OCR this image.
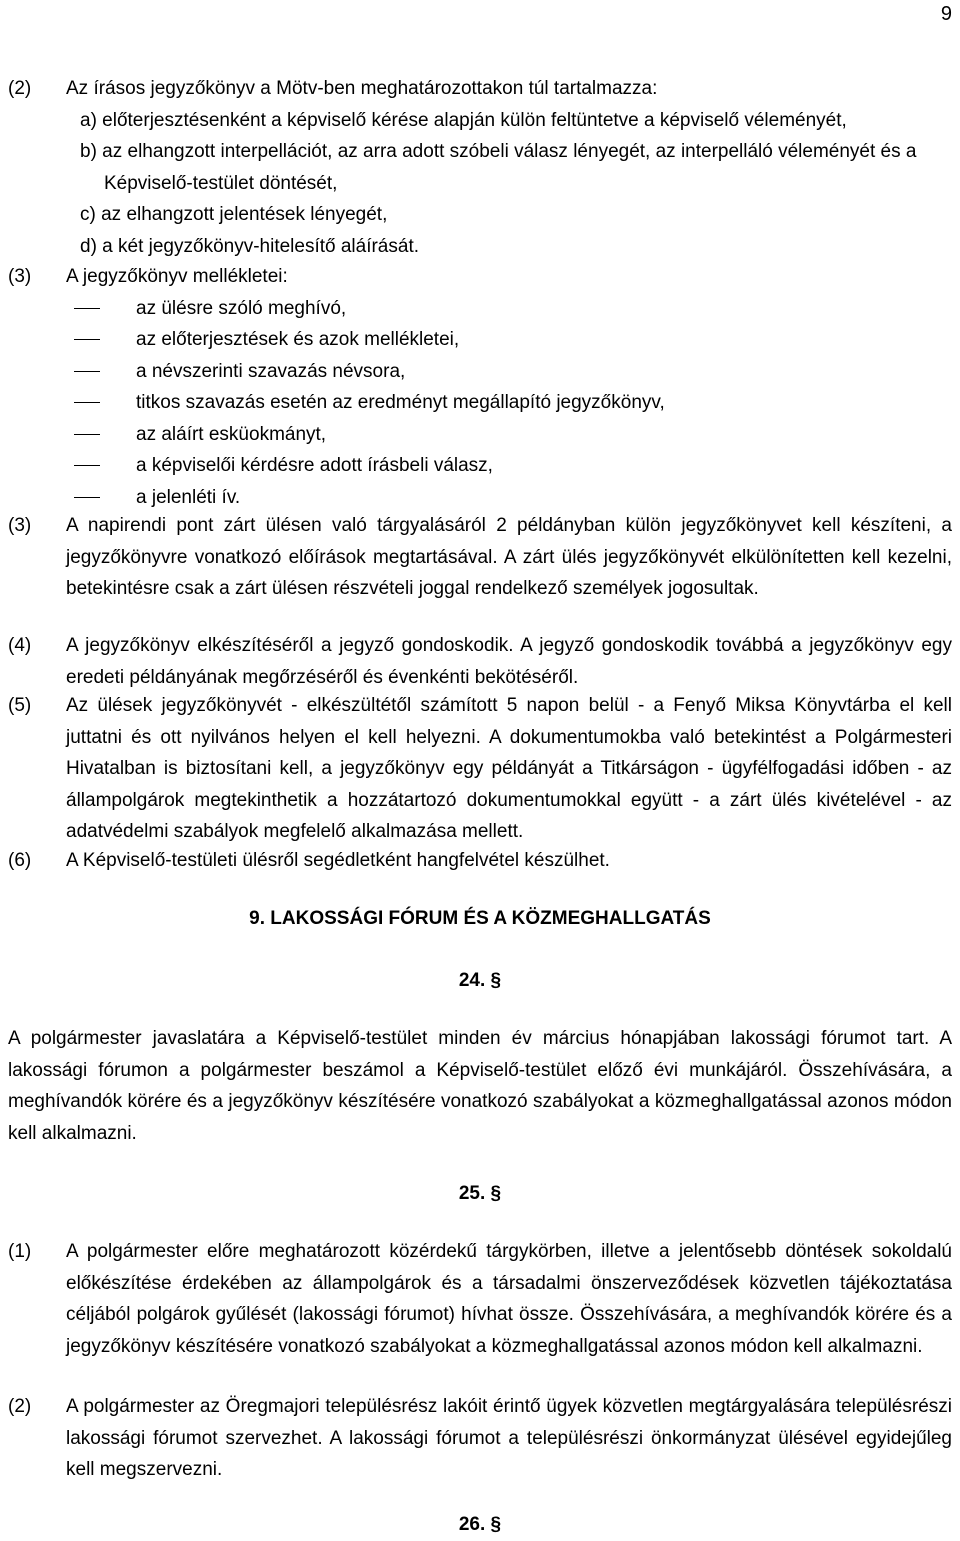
9
(2) Az írásos jegyzőkönyv a Mötv-ben meghatározottakon túl tartalmazza:
a) előterjesztésenként a képviselő kérése alapján külön feltüntetve a képviselő véleményét,
b) az elhangzott interpellációt, az arra adott szóbeli válasz lényegét, az interpelláló véleményét és a Képviselő-testület döntését,
c) az elhangzott jelentések lényegét,
d) a két jegyzőkönyv-hitelesítő aláírását.
(3) A jegyzőkönyv mellékletei:
az ülésre szóló meghívó,
az előterjesztések és azok mellékletei,
a névszerinti szavazás névsora,
titkos szavazás esetén az eredményt megállapító jegyzőkönyv,
az aláírt esküokmányt,
a képviselői kérdésre adott írásbeli válasz,
a jelenléti ív.
(3) A napirendi pont zárt ülésen való tárgyalásáról 2 példányban külön jegyzőkönyvet kell készíteni, a jegyzőkönyvre vonatkozó előírások megtartásával. A zárt ülés jegyzőkönyvét elkülönítetten kell kezelni, betekintésre csak a zárt ülésen részvételi joggal rendelkező személyek jogosultak.
(4) A jegyzőkönyv elkészítéséről a jegyző gondoskodik. A jegyző gondoskodik továbbá a jegyzőkönyv egy eredeti példányának megőrzéséről és évenkénti bekötéséről.
(5) Az ülések jegyzőkönyvét - elkészültétől számított 5 napon belül - a Fenyő Miksa Könyvtárba el kell juttatni és ott nyilvános helyen el kell helyezni. A dokumentumokba való betekintést a Polgármesteri Hivatalban is biztosítani kell, a jegyzőkönyv egy példányát a Titkárságon - ügyfélfogadási időben - az állampolgárok megtekinthetik a hozzátartozó dokumentumokkal együtt - a zárt ülés kivételével - az adatvédelmi szabályok megfelelő alkalmazása mellett.
(6) A Képviselő-testületi ülésről segédletként hangfelvétel készülhet.
9. LAKOSSÁGI FÓRUM ÉS A KÖZMEGHALLGATÁS
24. §
A polgármester javaslatára a Képviselő-testület minden év március hónapjában lakossági fórumot tart. A lakossági fórumon a polgármester beszámol a Képviselő-testület előző évi munkájáról. Összehívására, a meghívandók körére és a jegyzőkönyv készítésére vonatkozó szabályokat a közmeghallgatással azonos módon kell alkalmazni.
25. §
(1) A polgármester előre meghatározott közérdekű tárgykörben, illetve a jelentősebb döntések sokoldalú előkészítése érdekében az állampolgárok és a társadalmi önszerveződések közvetlen tájékoztatása céljából polgárok gyűlését (lakossági fórumot) hívhat össze. Összehívására, a meghívandók körére és a jegyzőkönyv készítésére vonatkozó szabályokat a közmeghallgatással azonos módon kell alkalmazni.
(2) A polgármester az Öregmajori településrész lakóit érintő ügyek közvetlen megtárgyalására településrészi lakossági fórumot szervezhet. A lakossági fórumot a településrészi önkormányzat ülésével egyidejűleg kell megszervezni.
26. §
